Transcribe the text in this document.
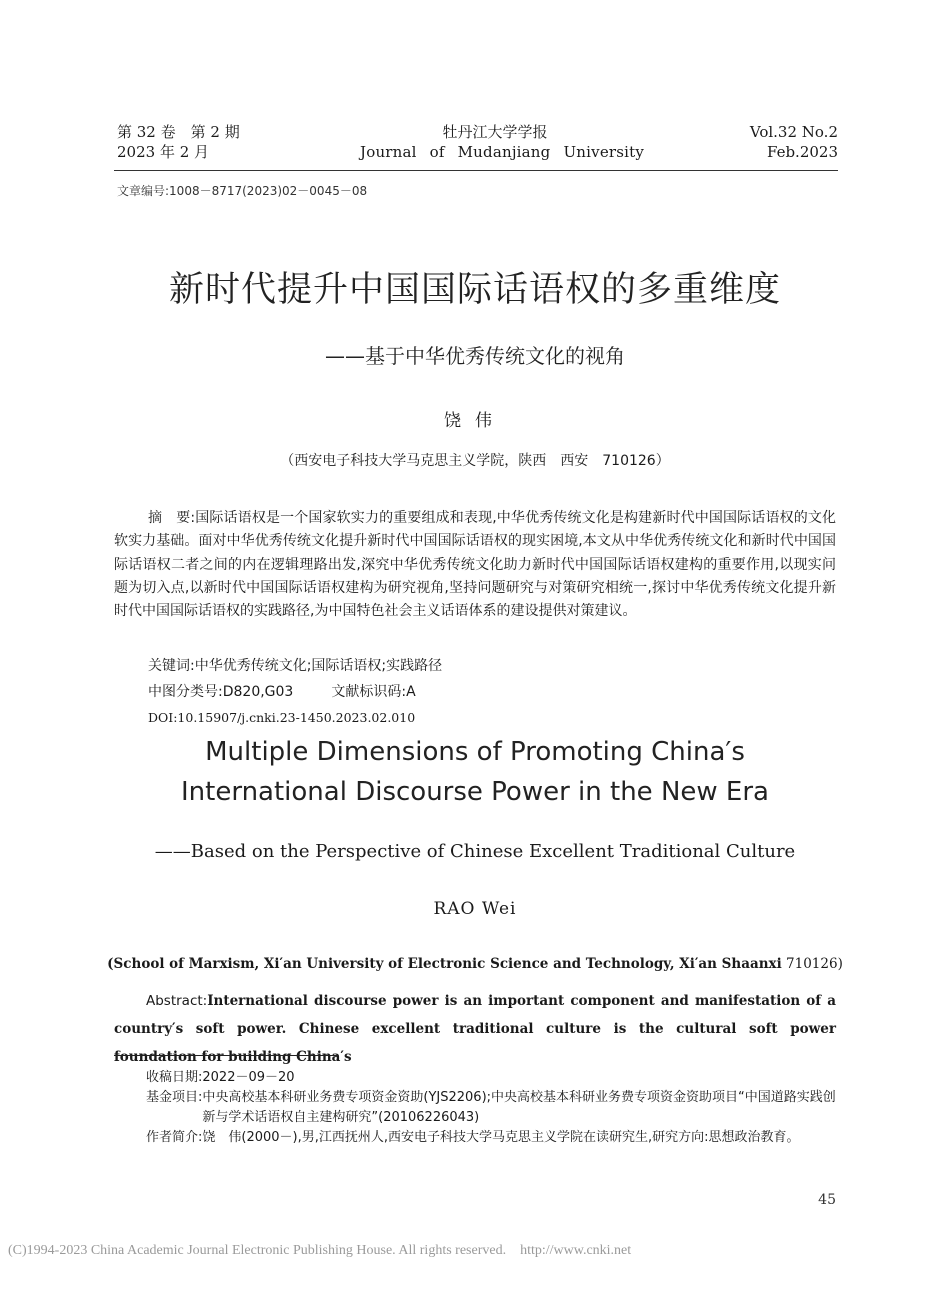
第 32 卷　第 2 期
2023 年 2 月
牡丹江大学学报
Journal of Mudanjiang University
Vol.32 No.2
Feb.2023
文章编号:1008－8717(2023)02－0045－08
新时代提升中国国际话语权的多重维度
——基于中华优秀传统文化的视角
饶伟
（西安电子科技大学马克思主义学院，陕西　西安　710126）
摘　要:国际话语权是一个国家软实力的重要组成和表现,中华优秀传统文化是构建新时代中国国际话语权的文化软实力基础。面对中华优秀传统文化提升新时代中国国际话语权的现实困境,本文从中华优秀传统文化和新时代中国国际话语权二者之间的内在逻辑理路出发,深究中华优秀传统文化助力新时代中国国际话语权建构的重要作用,以现实问题为切入点,以新时代中国国际话语权建构为研究视角,坚持问题研究与对策研究相统一,探讨中华优秀传统文化提升新时代中国国际话语权的实践路径,为中国特色社会主义话语体系的建设提供对策建议。
关键词:中华优秀传统文化;国际话语权;实践路径
中图分类号:D820,G03	文献标识码:A
DOI:10.15907/j.cnki.23-1450.2023.02.010
Multiple Dimensions of Promoting China′s
International Discourse Power in the New Era
——Based on the Perspective of Chinese Excellent Traditional Culture
RAO Wei
(School of Marxism, Xi′an University of Electronic Science and Technology, Xi′an Shaanxi 710126)
Abstract:International discourse power is an important component and manifestation of a country′s soft power. Chinese excellent traditional culture is the cultural soft power foundation for building China′s
收稿日期: 2022－09－20
基金项目: 中央高校基本科研业务费专项资金资助(YJS2206);中央高校基本科研业务费专项资金资助项目“中国道路实践创新与学术话语权自主建构研究”(20106226043)
作者简介: 饶　伟(2000－),男,江西抚州人,西安电子科技大学马克思主义学院在读研究生,研究方向:思想政治教育。
45
(C)1994-2023 China Academic Journal Electronic Publishing House. All rights reserved. http://www.cnki.net
